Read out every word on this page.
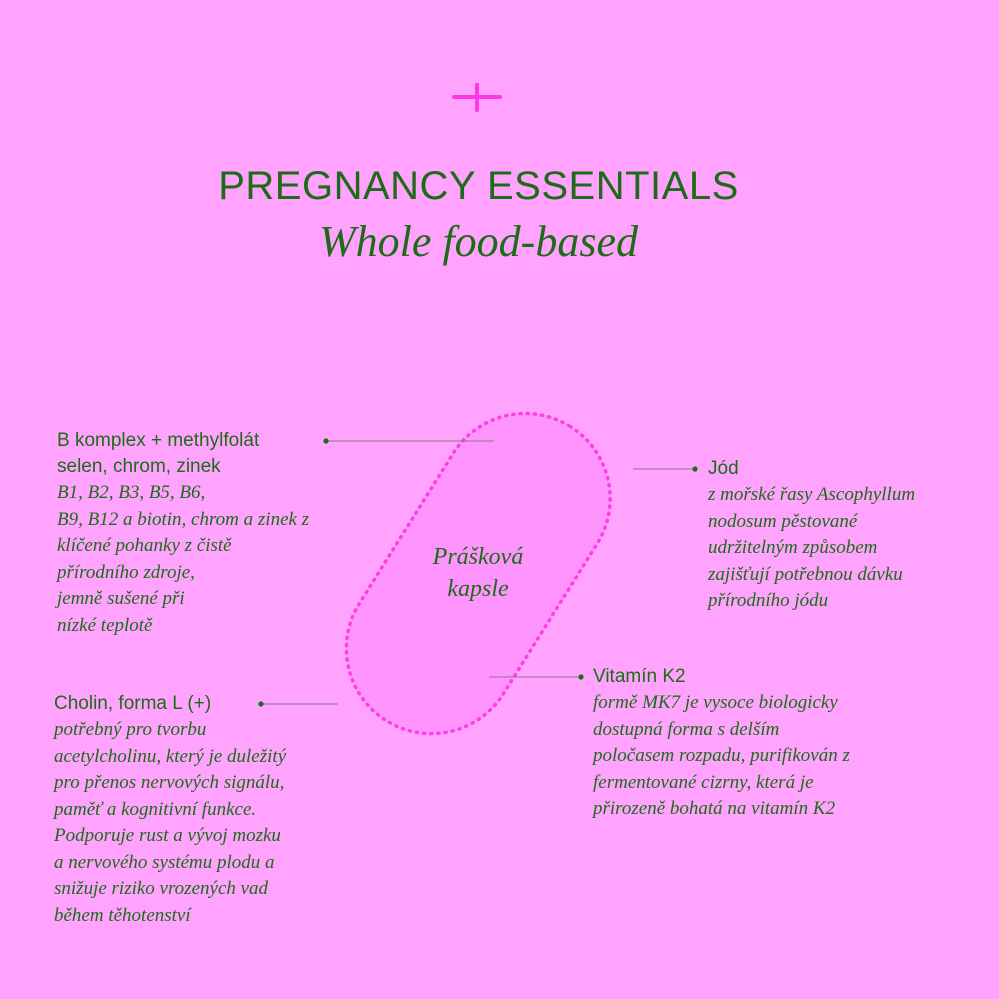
PREGNANCY ESSENTIALS
Whole food-based
Prášková
kapsle
B komplex + methylfolát
selen, chrom, zinek
B1, B2, B3, B5, B6,
B9, B12 a biotin, chrom a zinek z
klíčené pohanky z čistě
přírodního zdroje,
jemně sušené při
nízké teplotě
Jód
z mořské řasy Ascophyllum
nodosum pěstované
udržitelným způsobem
zajišťují potřebnou dávku
přírodního jódu
Cholin, forma L (+)
potřebný pro tvorbu
acetylcholinu, který je duležitý
pro přenos nervových signálu,
paměť a kognitivní funkce.
Podporuje rust a vývoj mozku
a nervového systému plodu a
snižuje riziko vrozených vad
během těhotenství
Vitamín K2
formě MK7 je vysoce biologicky
dostupná forma s delším
poločasem rozpadu, purifikován z
fermentované cizrny, která je
přirozeně bohatá na vitamín K2
